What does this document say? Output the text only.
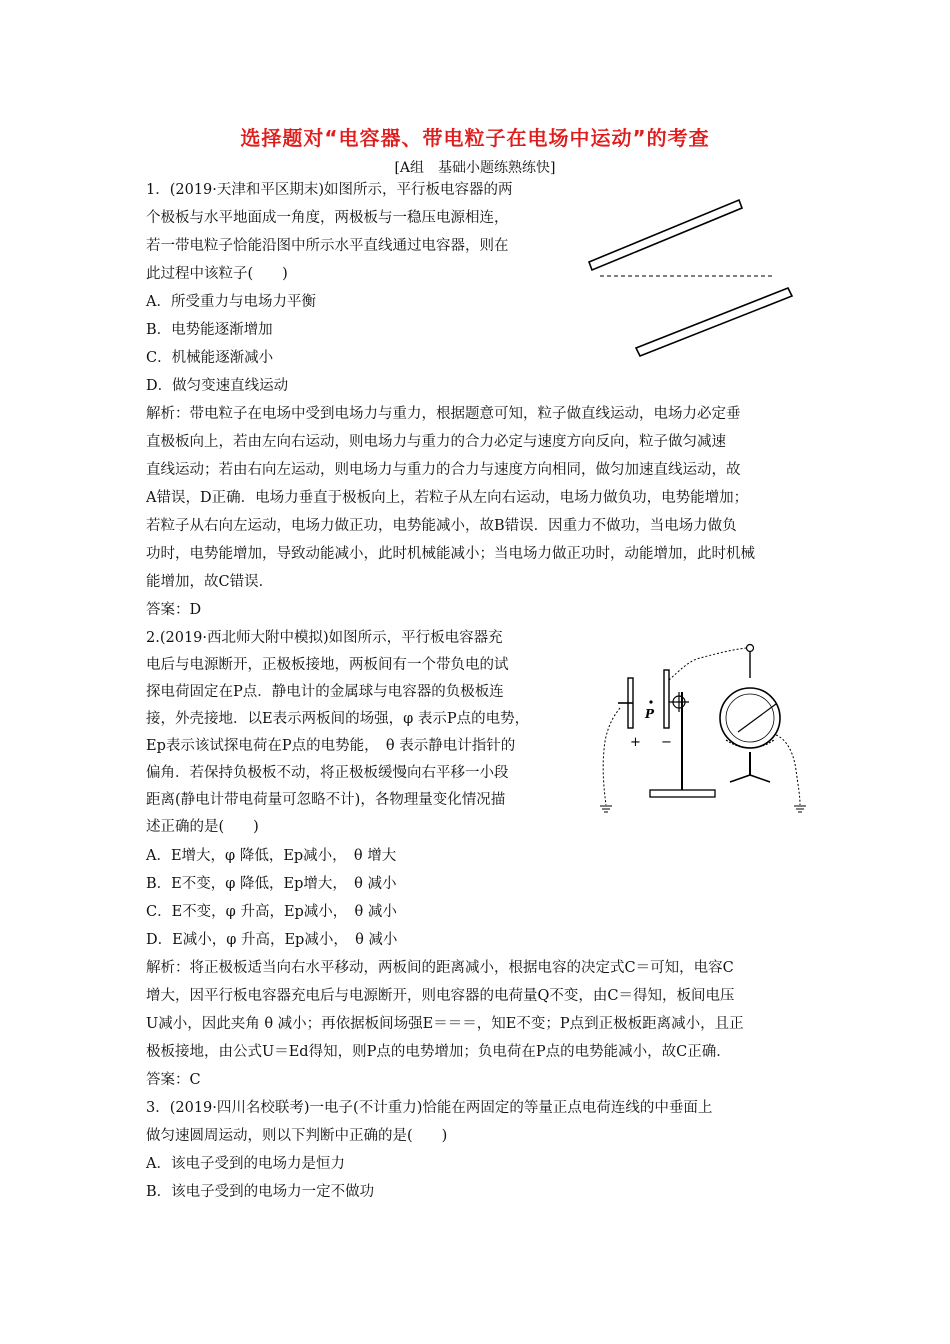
选择题对“电容器、带电粒子在电场中运动”的考查
[A组　基础小题练熟练快]
1．(2019·天津和平区期末)如图所示，平行板电容器的两
个极板与水平地面成一角度，两极板与一稳压电源相连，
若一带电粒子恰能沿图中所示水平直线通过电容器，则在
此过程中该粒子(　　)
A．所受重力与电场力平衡
B．电势能逐渐增加
C．机械能逐渐减小
D．做匀变速直线运动
解析：带电粒子在电场中受到电场力与重力，根据题意可知，粒子做直线运动，电场力必定垂
直极板向上，若由左向右运动，则电场力与重力的合力必定与速度方向反向，粒子做匀减速
直线运动；若由右向左运动，则电场力与重力的合力与速度方向相同，做匀加速直线运动，故
A错误，D正确．电场力垂直于极板向上，若粒子从左向右运动，电场力做负功，电势能增加；
若粒子从右向左运动，电场力做正功，电势能减小，故B错误．因重力不做功，当电场力做负
功时，电势能增加，导致动能减小，此时机械能减小；当电场力做正功时，动能增加，此时机械
能增加，故C错误．
答案：D
2.(2019·西北师大附中模拟)如图所示，平行板电容器充
电后与电源断开，正极板接地，两板间有一个带负电的试
探电荷固定在P点．静电计的金属球与电容器的负极板连
接，外壳接地．以E表示两板间的场强，φ 表示P点的电势，
Ep表示该试探电荷在P点的电势能，　θ 表示静电计指针的
偏角．若保持负极板不动，将正极板缓慢向右平移一小段
距离(静电计带电荷量可忽略不计)，各物理量变化情况描
述正确的是(　　)
A．E增大，φ 降低，Ep减小，　θ 增大
B．E不变，φ 降低，Ep增大，　θ 减小
C．E不变，φ 升高，Ep减小，　θ 减小
D．E减小，φ 升高，Ep减小，　θ 减小
解析：将正极板适当向右水平移动，两板间的距离减小，根据电容的决定式C＝可知，电容C
增大，因平行板电容器充电后与电源断开，则电容器的电荷量Q不变，由C＝得知，板间电压
U减小，因此夹角 θ 减小；再依据板间场强E＝＝＝，知E不变；P点到正极板距离减小，且正
极板接地，由公式U＝Ed得知，则P点的电势增加；负电荷在P点的电势能减小，故C正确．
答案：C
P
+ −
3．(2019·四川名校联考)一电子(不计重力)恰能在两固定的等量正点电荷连线的中垂面上
做匀速圆周运动，则以下判断中正确的是(　　)
A．该电子受到的电场力是恒力
B．该电子受到的电场力一定不做功
